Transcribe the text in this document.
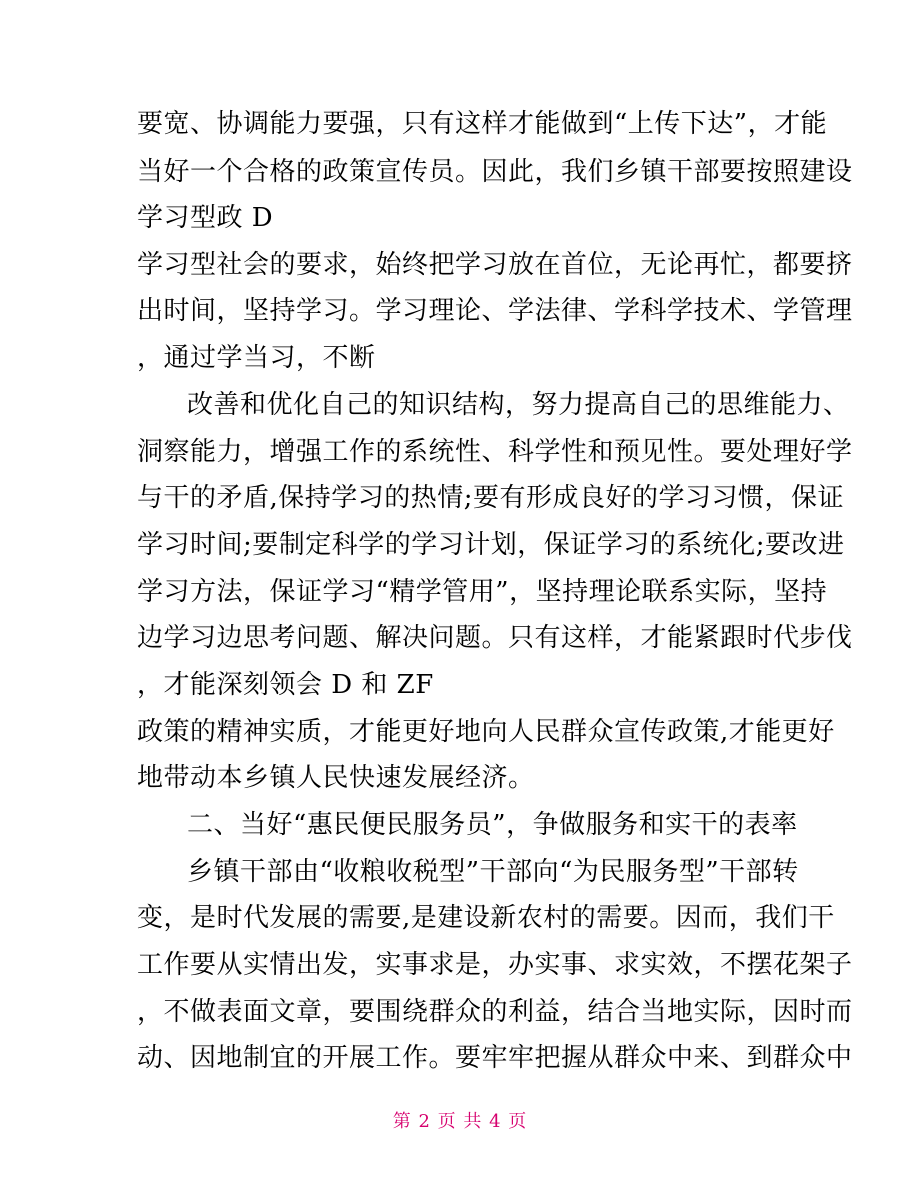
要宽、协调能力要强，只有这样才能做到“上传下达”，才能
当好一个合格的政策宣传员。因此，我们乡镇干部要按照建设
学习型政 D
学习型社会的要求，始终把学习放在首位，无论再忙，都要挤
出时间，坚持学习。学习理论、学法律、学科学技术、学管理
，通过学当习，不断
改善和优化自己的知识结构，努力提高自己的思维能力、
洞察能力，增强工作的系统性、科学性和预见性。要处理好学
与干的矛盾,保持学习的热情;要有形成良好的学习习惯，保证
学习时间;要制定科学的学习计划，保证学习的系统化;要改进
学习方法，保证学习“精学管用”，坚持理论联系实际，坚持
边学习边思考问题、解决问题。只有这样，才能紧跟时代步伐
，才能深刻领会 D 和 ZF
政策的精神实质，才能更好地向人民群众宣传政策,才能更好
地带动本乡镇人民快速发展经济。
二、当好“惠民便民服务员”，争做服务和实干的表率
乡镇干部由“收粮收税型”干部向“为民服务型”干部转
变，是时代发展的需要,是建设新农村的需要。因而，我们干
工作要从实情出发，实事求是，办实事、求实效，不摆花架子
，不做表面文章，要围绕群众的利益，结合当地实际，因时而
动、因地制宜的开展工作。要牢牢把握从群众中来、到群众中
第 2 页 共 4 页
